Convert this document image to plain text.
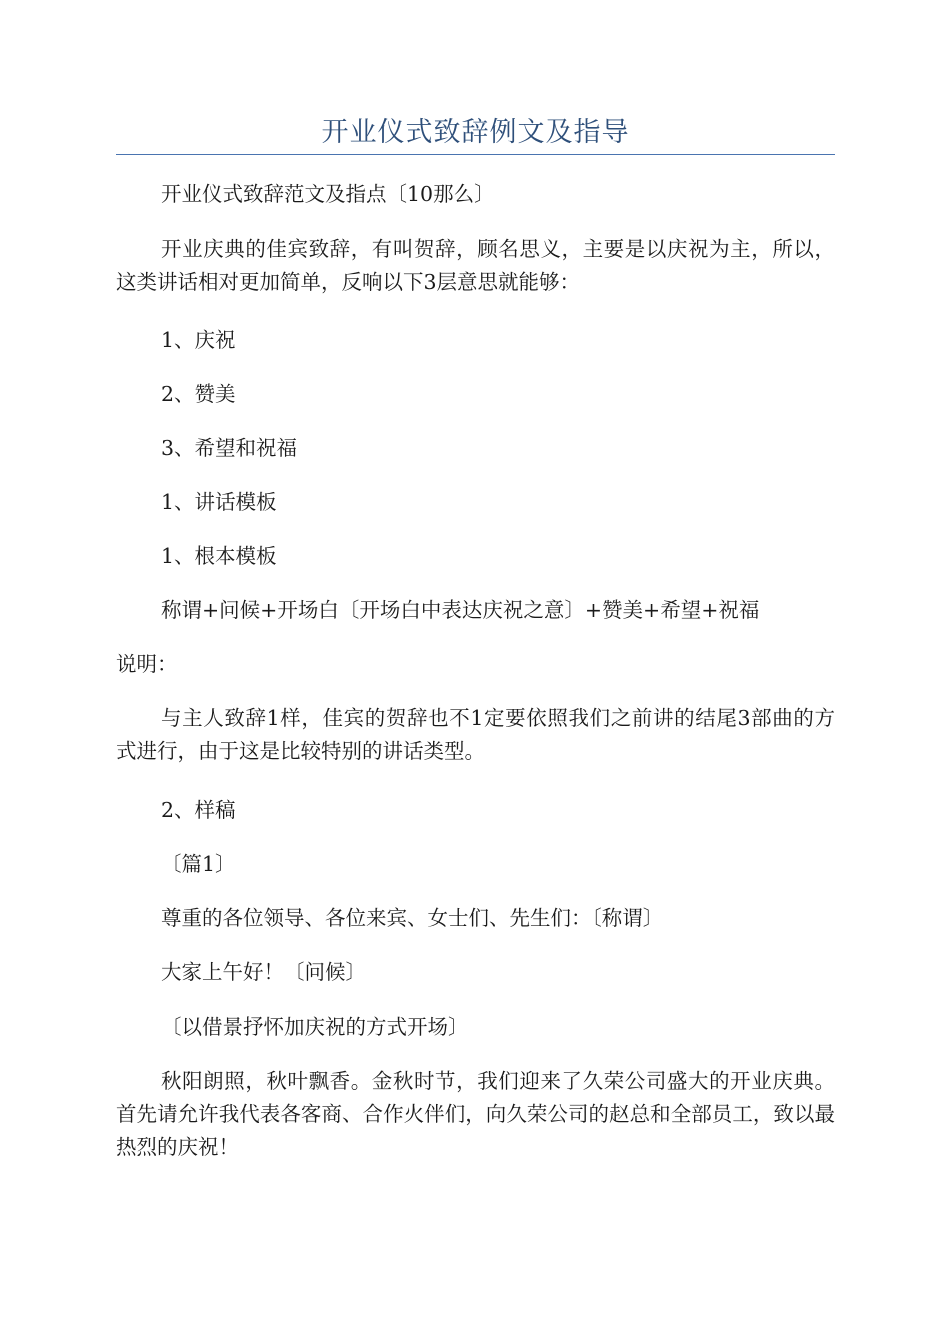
开业仪式致辞例文及指导

开业仪式致辞范文及指点〔10那么〕

开业庆典的佳宾致辞，有叫贺辞，顾名思义，主要是以庆祝为主，所以，这类讲话相对更加简单，反响以下3层意思就能够：

1、庆祝

2、赞美

3、希望和祝福

1、讲话模板

1、根本模板

称谓+问候+开场白〔开场白中表达庆祝之意〕+赞美+希望+祝福

说明：

与主人致辞1样，佳宾的贺辞也不1定要依照我们之前讲的结尾3部曲的方式进行，由于这是比较特别的讲话类型。

2、样稿

〔篇1〕

尊重的各位领导、各位来宾、女士们、先生们：〔称谓〕

大家上午好！〔问候〕

〔以借景抒怀加庆祝的方式开场〕

秋阳朗照，秋叶飘香。金秋时节，我们迎来了久荣公司盛大的开业庆典。首先请允许我代表各客商、合作火伴们，向久荣公司的赵总和全部员工，致以最热烈的庆祝！
